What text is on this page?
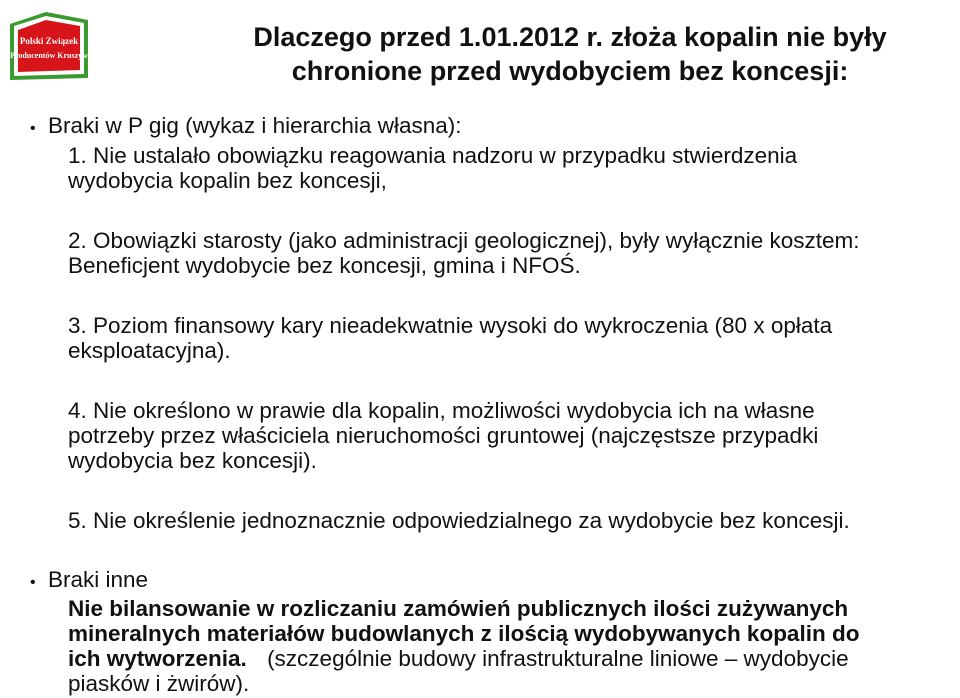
Polski Związek
Producentów Kruszyw
Dlaczego przed 1.01.2012 r. złoża kopalin nie były
chronione przed wydobyciem bez koncesji:
• Braki w P gig (wykaz i hierarchia własna):
1. Nie ustalało obowiązku reagowania nadzoru w przypadku stwierdzenia
wydobycia kopalin bez koncesji,
2. Obowiązki starosty (jako administracji geologicznej), były wyłącznie kosztem:
Beneficjent wydobycie bez koncesji, gmina i NFOŚ.
3. Poziom finansowy kary nieadekwatnie wysoki do wykroczenia (80 x opłata
eksploatacyjna).
4. Nie określono w prawie dla kopalin, możliwości wydobycia ich na własne
potrzeby przez właściciela nieruchomości gruntowej (najczęstsze przypadki
wydobycia bez koncesji).
5. Nie określenie jednoznacznie odpowiedzialnego za wydobycie bez koncesji.
• Braki inne
Nie bilansowanie w rozliczaniu zamówień publicznych ilości zużywanych
mineralnych materiałów budowlanych z ilością wydobywanych kopalin do
ich wytworzenia. (szczególnie budowy infrastrukturalne liniowe – wydobycie
piasków i żwirów).
